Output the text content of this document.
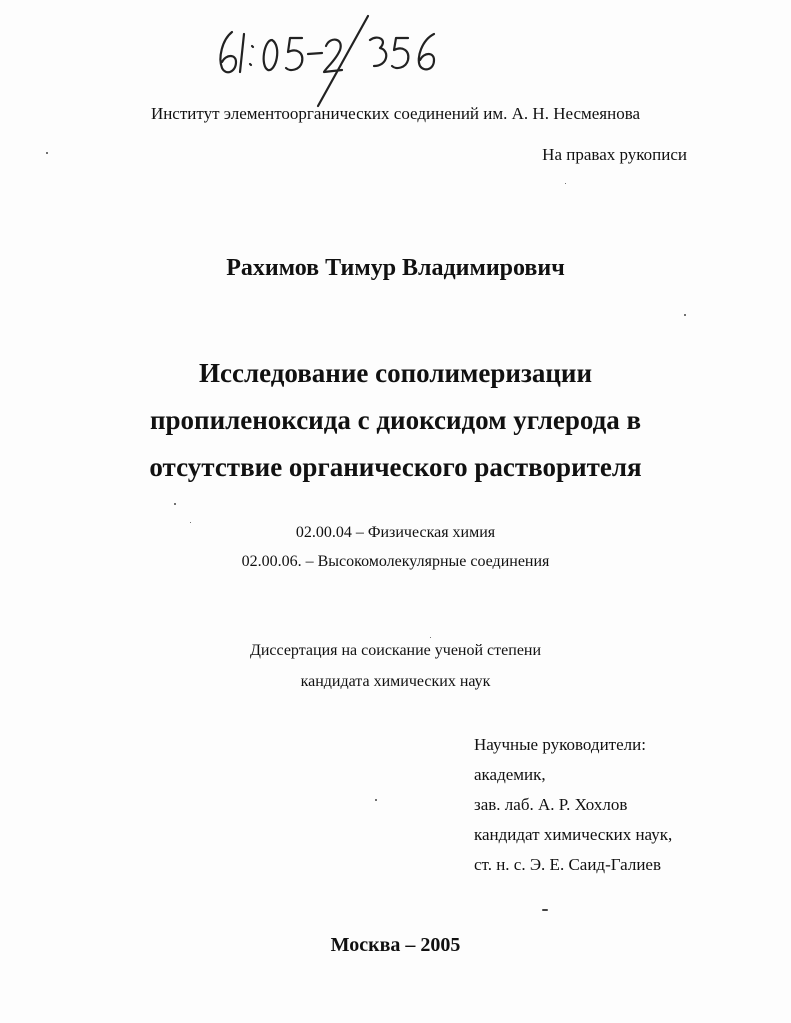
Институт элементоорганических соединений им. А. Н. Несмеянова
На правах рукописи
Рахимов Тимур Владимирович
Исследование сополимеризации
пропиленоксида с диоксидом углерода в
отсутствие органического растворителя
02.00.04 – Физическая химия
02.00.06. – Высокомолекулярные соединения
Диссертация на соискание ученой степени
кандидата химических наук
Научные руководители:
академик,
зав. лаб. А. Р. Хохлов
кандидат химических наук,
ст. н. с. Э. Е. Саид-Галиев
Москва – 2005
